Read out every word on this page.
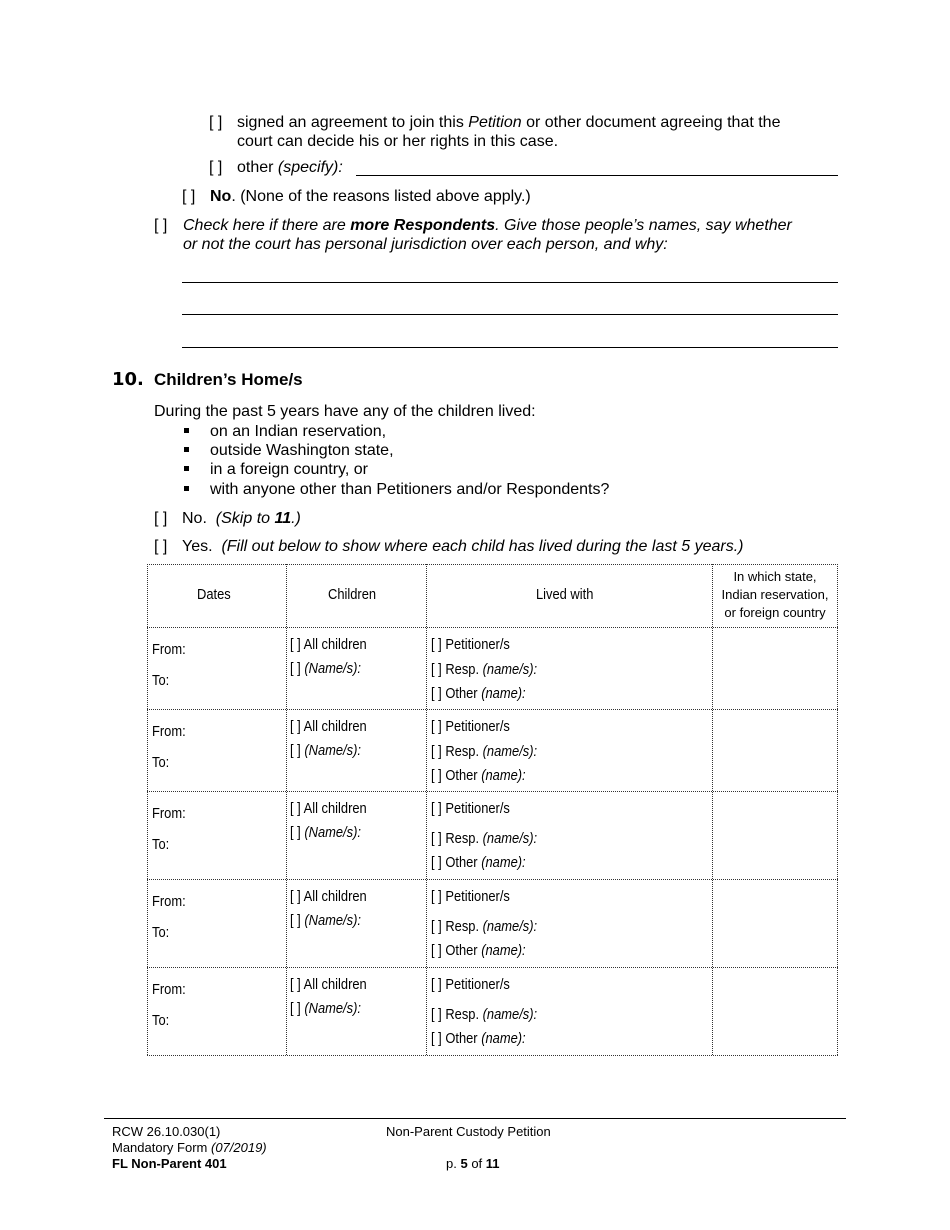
[ ] signed an agreement to join this Petition or other document agreeing that the
court can decide his or her rights in this case.
[ ] other (specify):
[ ] No. (None of the reasons listed above apply.)
[ ] Check here if there are more Respondents. Give those people’s names, say whether
or not the court has personal jurisdiction over each person, and why:
10. Children’s Home/s
During the past 5 years have any of the children lived:
on an Indian reservation,
outside Washington state,
in a foreign country, or
with anyone other than Petitioners and/or Respondents?
[ ] No. (Skip to 11.)
[ ] Yes. (Fill out below to show where each child has lived during the last 5 years.)
Dates	Children	Lived with
In which state,
Indian reservation,
or foreign country
From:
To:
[ ] All children
[ ] (Name/s):
[ ] Petitioner/s
[ ] Resp. (name/s):
[ ] Other (name):
From:
To:
[ ] All children
[ ] (Name/s):
[ ] Petitioner/s
[ ] Resp. (name/s):
[ ] Other (name):
From:
To:
[ ] All children
[ ] (Name/s):
[ ] Petitioner/s
[ ] Resp. (name/s):
[ ] Other (name):
From:
To:
[ ] All children
[ ] (Name/s):
[ ] Petitioner/s
[ ] Resp. (name/s):
[ ] Other (name):
From:
To:
[ ] All children
[ ] (Name/s):
[ ] Petitioner/s
[ ] Resp. (name/s):
[ ] Other (name):
RCW 26.10.030(1)
Mandatory Form (07/2019)
FL Non-Parent 401
Non-Parent Custody Petition
p. 5 of 11
